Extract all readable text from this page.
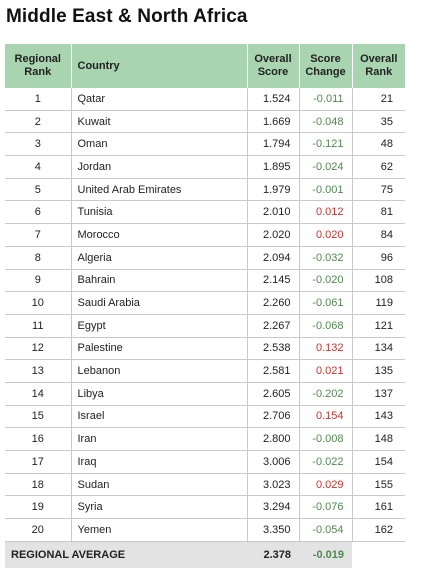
Middle East & North Africa
Regional Rank	Country	Overall Score	Score Change	Overall Rank
1	Qatar	1.524	-0.011	21
2	Kuwait	1.669	-0.048	35
3	Oman	1.794	-0.121	48
4	Jordan	1.895	-0.024	62
5	United Arab Emirates	1.979	-0.001	75
6	Tunisia	2.010	0.012	81
7	Morocco	2.020	0.020	84
8	Algeria	2.094	-0.032	96
9	Bahrain	2.145	-0.020	108
10	Saudi Arabia	2.260	-0.061	119
11	Egypt	2.267	-0.068	121
12	Palestine	2.538	0.132	134
13	Lebanon	2.581	0.021	135
14	Libya	2.605	-0.202	137
15	Israel	2.706	0.154	143
16	Iran	2.800	-0.008	148
17	Iraq	3.006	-0.022	154
18	Sudan	3.023	0.029	155
19	Syria	3.294	-0.076	161
20	Yemen	3.350	-0.054	162
REGIONAL AVERAGE		2.378	-0.019	
